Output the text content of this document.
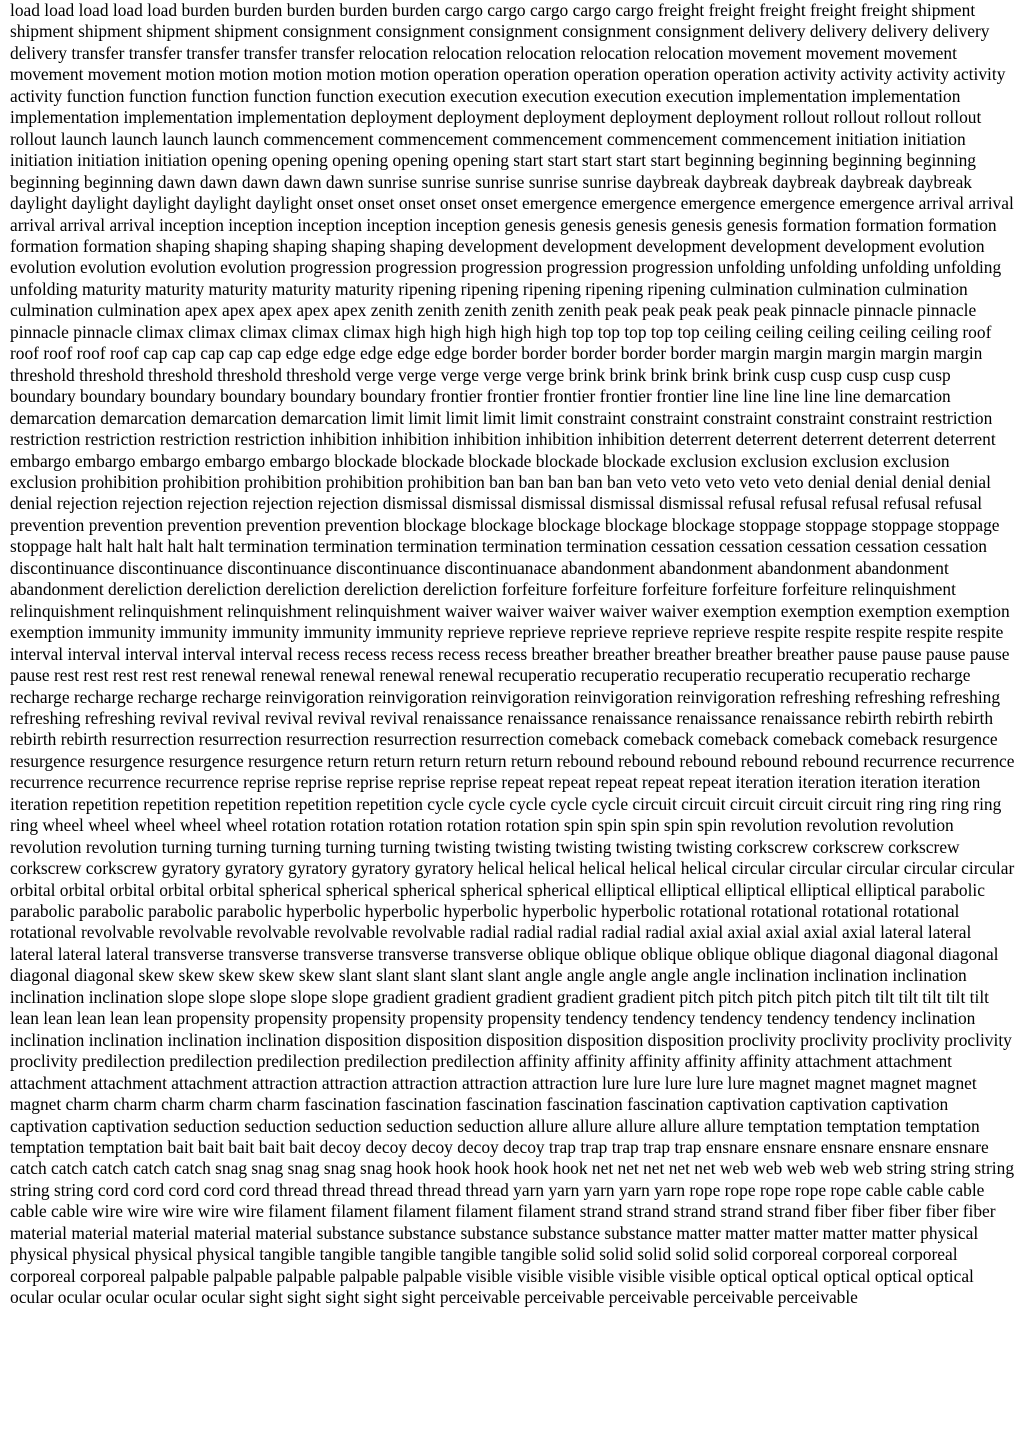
load load load load load burden burden burden burden burden cargo cargo cargo cargo cargo freight freight freight freight freight shipment shipment shipment shipment shipment consignment consignment consignment consignment consignment delivery delivery delivery delivery delivery transfer transfer transfer transfer transfer relocation relocation relocation relocation relocation movement movement movement movement movement motion motion motion motion motion operation operation operation operation operation activity activity activity activity activity function function function function function execution execution execution execution execution implementation implementation implementation implementation implementation deployment deployment deployment deployment deployment rollout rollout rollout rollout rollout launch launch launch launch commencement commencement commencement commencement commencement initiation initiation initiation initiation initiation opening opening opening opening opening start start start start start beginning beginning beginning beginning beginning beginning dawn dawn dawn dawn dawn sunrise sunrise sunrise sunrise sunrise daybreak daybreak daybreak daybreak daybreak daylight daylight daylight daylight daylight onset onset onset onset onset emergence emergence emergence emergence emergence arrival arrival arrival arrival arrival inception inception inception inception inception genesis genesis genesis genesis genesis formation formation formation formation formation shaping shaping shaping shaping shaping development development development development development evolution evolution evolution evolution evolution progression progression progression progression progression unfolding unfolding unfolding unfolding unfolding maturity maturity maturity maturity maturity ripening ripening ripening ripening ripening culmination culmination culmination culmination culmination apex apex apex apex apex zenith zenith zenith zenith zenith peak peak peak peak peak pinnacle pinnacle pinnacle pinnacle pinnacle climax climax climax climax climax high high high high high top top top top top ceiling ceiling ceiling ceiling ceiling roof roof roof roof roof cap cap cap cap cap edge edge edge edge edge border border border border border margin margin margin margin margin threshold threshold threshold threshold threshold verge verge verge verge verge brink brink brink brink brink cusp cusp cusp cusp cusp boundary boundary boundary boundary boundary boundary frontier frontier frontier frontier frontier line line line line line demarcation demarcation demarcation demarcation demarcation limit limit limit limit limit constraint constraint constraint constraint constraint restriction restriction restriction restriction restriction inhibition inhibition inhibition inhibition inhibition deterrent deterrent deterrent deterrent deterrent embargo embargo embargo embargo embargo blockade blockade blockade blockade blockade exclusion exclusion exclusion exclusion exclusion prohibition prohibition prohibition prohibition prohibition ban ban ban ban ban veto veto veto veto veto denial denial denial denial denial rejection rejection rejection rejection rejection dismissal dismissal dismissal dismissal dismissal refusal refusal refusal refusal refusal prevention prevention prevention prevention prevention blockage blockage blockage blockage blockage stoppage stoppage stoppage stoppage stoppage halt halt halt halt halt termination termination termination termination termination cessation cessation cessation cessation cessation discontinuance discontinuance discontinuance discontinuance discontinuanace abandonment abandonment abandonment abandonment abandonment dereliction dereliction dereliction dereliction dereliction forfeiture forfeiture forfeiture forfeiture forfeiture relinquishment relinquishment relinquishment relinquishment relinquishment waiver waiver waiver waiver waiver exemption exemption exemption exemption exemption immunity immunity immunity immunity immunity reprieve reprieve reprieve reprieve reprieve respite respite respite respite respite interval interval interval interval interval recess recess recess recess recess breather breather breather breather breather pause pause pause pause pause rest rest rest rest rest renewal renewal renewal renewal renewal recuperatio recuperatio recuperatio recuperatio recuperatio recharge recharge recharge recharge recharge reinvigoration reinvigoration reinvigoration reinvigoration reinvigoration refreshing refreshing refreshing refreshing refreshing revival revival revival revival revival renaissance renaissance renaissance renaissance renaissance rebirth rebirth rebirth rebirth rebirth resurrection resurrection resurrection resurrection resurrection comeback comeback comeback comeback comeback resurgence resurgence resurgence resurgence resurgence return return return return return rebound rebound rebound rebound rebound recurrence recurrence recurrence recurrence recurrence reprise reprise reprise reprise reprise repeat repeat repeat repeat repeat iteration iteration iteration iteration iteration repetition repetition repetition repetition repetition cycle cycle cycle cycle cycle circuit circuit circuit circuit circuit ring ring ring ring ring wheel wheel wheel wheel wheel rotation rotation rotation rotation rotation spin spin spin spin spin revolution revolution revolution revolution revolution turning turning turning turning turning twisting twisting twisting twisting twisting corkscrew corkscrew corkscrew corkscrew corkscrew gyratory gyratory gyratory gyratory gyratory helical helical helical helical helical circular circular circular circular circular orbital orbital orbital orbital orbital spherical spherical spherical spherical spherical elliptical elliptical elliptical elliptical elliptical parabolic parabolic parabolic parabolic parabolic hyperbolic hyperbolic hyperbolic hyperbolic hyperbolic rotational rotational rotational rotational rotational revolvable revolvable revolvable revolvable revolvable radial radial radial radial radial axial axial axial axial axial lateral lateral lateral lateral lateral transverse transverse transverse transverse transverse oblique oblique oblique oblique oblique diagonal diagonal diagonal diagonal diagonal skew skew skew skew skew slant slant slant slant slant angle angle angle angle angle inclination inclination inclination inclination inclination slope slope slope slope slope gradient gradient gradient gradient gradient pitch pitch pitch pitch pitch tilt tilt tilt tilt tilt lean lean lean lean lean propensity propensity propensity propensity propensity tendency tendency tendency tendency tendency inclination inclination inclination inclination inclination disposition disposition disposition disposition disposition proclivity proclivity proclivity proclivity proclivity predilection predilection predilection predilection predilection affinity affinity affinity affinity affinity attachment attachment attachment attachment attachment attraction attraction attraction attraction attraction lure lure lure lure lure magnet magnet magnet magnet magnet charm charm charm charm charm fascination fascination fascination fascination fascination captivation captivation captivation captivation captivation seduction seduction seduction seduction seduction allure allure allure allure allure temptation temptation temptation temptation temptation bait bait bait bait bait decoy decoy decoy decoy decoy trap trap trap trap trap ensnare ensnare ensnare ensnare ensnare catch catch catch catch catch snag snag snag snag snag hook hook hook hook hook net net net net net web web web web web string string string string string cord cord cord cord cord thread thread thread thread thread yarn yarn yarn yarn yarn rope rope rope rope rope cable cable cable cable cable wire wire wire wire wire filament filament filament filament filament strand strand strand strand strand fiber fiber fiber fiber fiber material material material material material substance substance substance substance substance matter matter matter matter matter physical physical physical physical physical tangible tangible tangible tangible tangible solid solid solid solid solid corporeal corporeal corporeal corporeal corporeal palpable palpable palpable palpable palpable visible visible visible visible visible optical optical optical optical optical ocular ocular ocular ocular ocular sight sight sight sight sight perceivable perceivable perceivable perceivable perceivable
